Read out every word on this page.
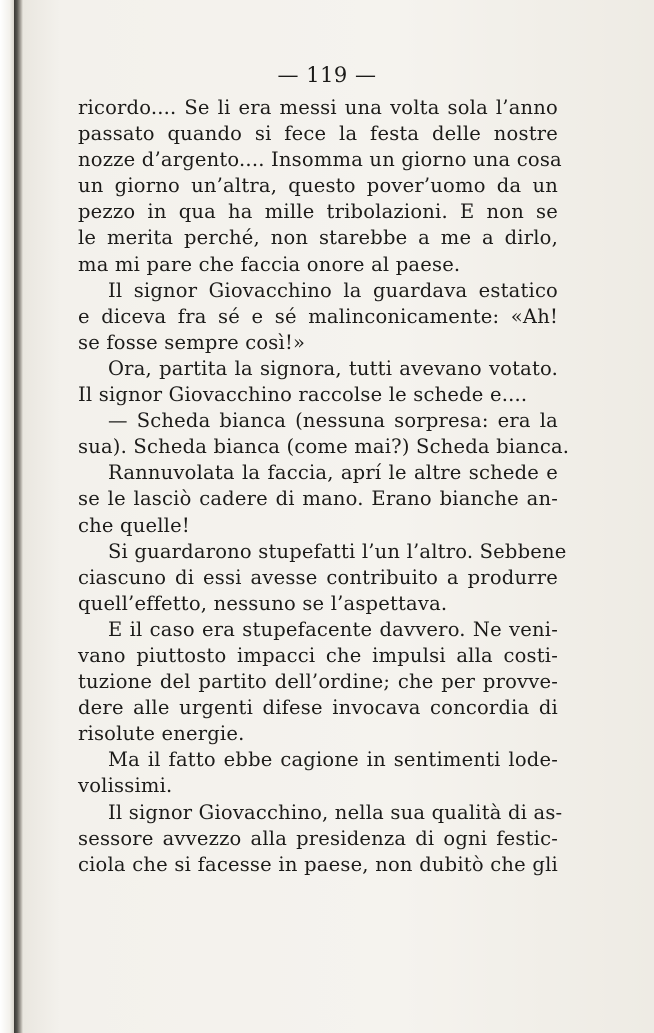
— 119 —
ricordo.... Se li era messi una volta sola l’anno
passato quando si fece la festa delle nostre
nozze d’argento.... Insomma un giorno una cosa
un giorno un’altra, questo pover’uomo da un
pezzo in qua ha mille tribolazioni. E non se
le merita perché, non starebbe a me a dirlo,
ma mi pare che faccia onore al paese.
Il signor Giovacchino la guardava estatico
e diceva fra sé e sé malinconicamente: «Ah!
se fosse sempre così!»
Ora, partita la signora, tutti avevano votato.
Il signor Giovacchino raccolse le schede e....
— Scheda bianca (nessuna sorpresa: era la
sua). Scheda bianca (come mai?) Scheda bianca.
Rannuvolata la faccia, aprí le altre schede e
se le lasciò cadere di mano. Erano bianche an-
che quelle!
Si guardarono stupefatti l’un l’altro. Sebbene
ciascuno di essi avesse contribuito a produrre
quell’effetto, nessuno se l’aspettava.
E il caso era stupefacente davvero. Ne veni-
vano piuttosto impacci che impulsi alla costi-
tuzione del partito dell’ordine; che per provve-
dere alle urgenti difese invocava concordia di
risolute energie.
Ma il fatto ebbe cagione in sentimenti lode-
volissimi.
Il signor Giovacchino, nella sua qualità di as-
sessore avvezzo alla presidenza di ogni festic-
ciola che si facesse in paese, non dubitò che gli
